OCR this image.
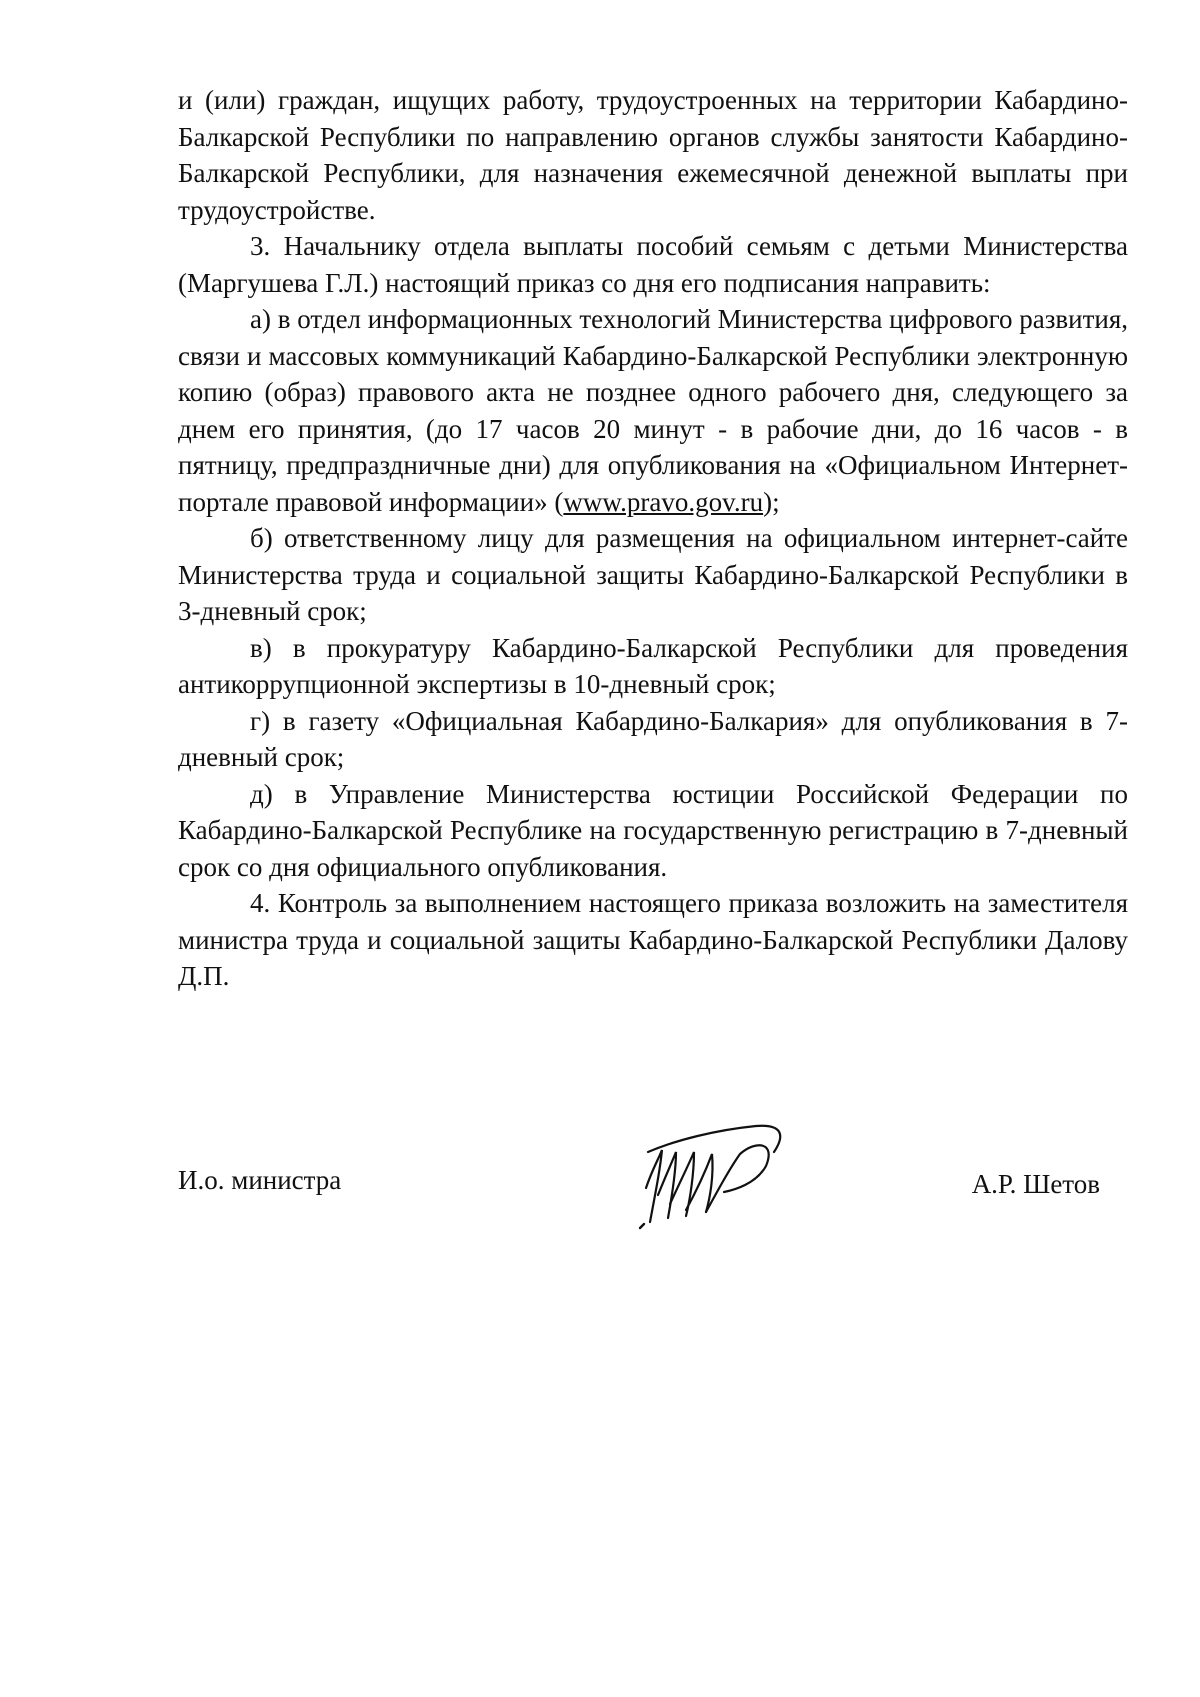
и (или) граждан, ищущих работу, трудоустроенных на территории Кабардино-Балкарской Республики по направлению органов службы занятости Кабардино-Балкарской Республики, для назначения ежемесячной денежной выплаты при трудоустройстве.

3. Начальнику отдела выплаты пособий семьям с детьми Министерства (Маргушева Г.Л.) настоящий приказ со дня его подписания направить:

а) в отдел информационных технологий Министерства цифрового развития, связи и массовых коммуникаций Кабардино-Балкарской Республики электронную копию (образ) правового акта не позднее одного рабочего дня, следующего за днем его принятия, (до 17 часов 20 минут - в рабочие дни, до 16 часов - в пятницу, предпраздничные дни) для опубликования на «Официальном Интернет-портале правовой информации» (www.pravo.gov.ru);

б) ответственному лицу для размещения на официальном интернет-сайте Министерства труда и социальной защиты Кабардино-Балкарской Республики в 3-дневный срок;

в) в прокуратуру Кабардино-Балкарской Республики для проведения антикоррупционной экспертизы в 10-дневный срок;

г) в газету «Официальная Кабардино-Балкария» для опубликования в 7-дневный срок;

д) в Управление Министерства юстиции Российской Федерации по Кабардино-Балкарской Республике на государственную регистрацию в 7-дневный срок со дня официального опубликования.

4. Контроль за выполнением настоящего приказа возложить на заместителя министра труда и социальной защиты Кабардино-Балкарской Республики Далову Д.П.

И.о. министра	А.Р. Шетов
